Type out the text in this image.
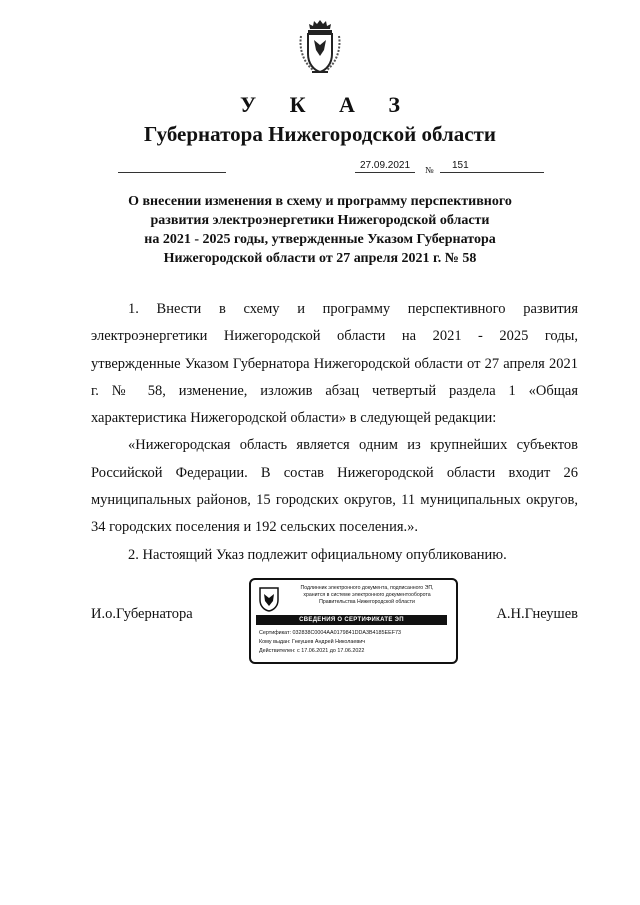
У К А З
Губернатора Нижегородской области
27.09.2021 № 151
О внесении изменения в схему и программу перспективного
развития электроэнергетики Нижегородской области
на 2021 - 2025 годы, утвержденные Указом Губернатора
Нижегородской области от 27 апреля 2021 г. № 58

1. Внести в схему и программу перспективного развития электроэнергетики Нижегородской области на 2021 - 2025 годы, утвержденные Указом Губернатора Нижегородской области от 27 апреля 2021 г. № 58, изменение, изложив абзац четвертый раздела 1 «Общая характеристика Нижегородской области» в следующей редакции:

«Нижегородская область является одним из крупнейших субъектов Российской Федерации. В состав Нижегородской области входит 26 муниципальных районов, 15 городских округов, 11 муниципальных округов, 34 городских поселения и 192 сельских поселения.».

2. Настоящий Указ подлежит официальному опубликованию.

И.о.Губернатора
Подлинник электронного документа, подписанного ЭП,
хранится в системе электронного документооборота
Правительства Нижегородской области
СВЕДЕНИЯ О СЕРТИФИКАТЕ ЭП
Сертификат: 032838C0004AA0179841DDA3B4185EEF73
Кому выдан: Гнеушев Андрей Николаевич
Действителен: с 17.06.2021 до 17.06.2022
А.Н.Гнеушев
